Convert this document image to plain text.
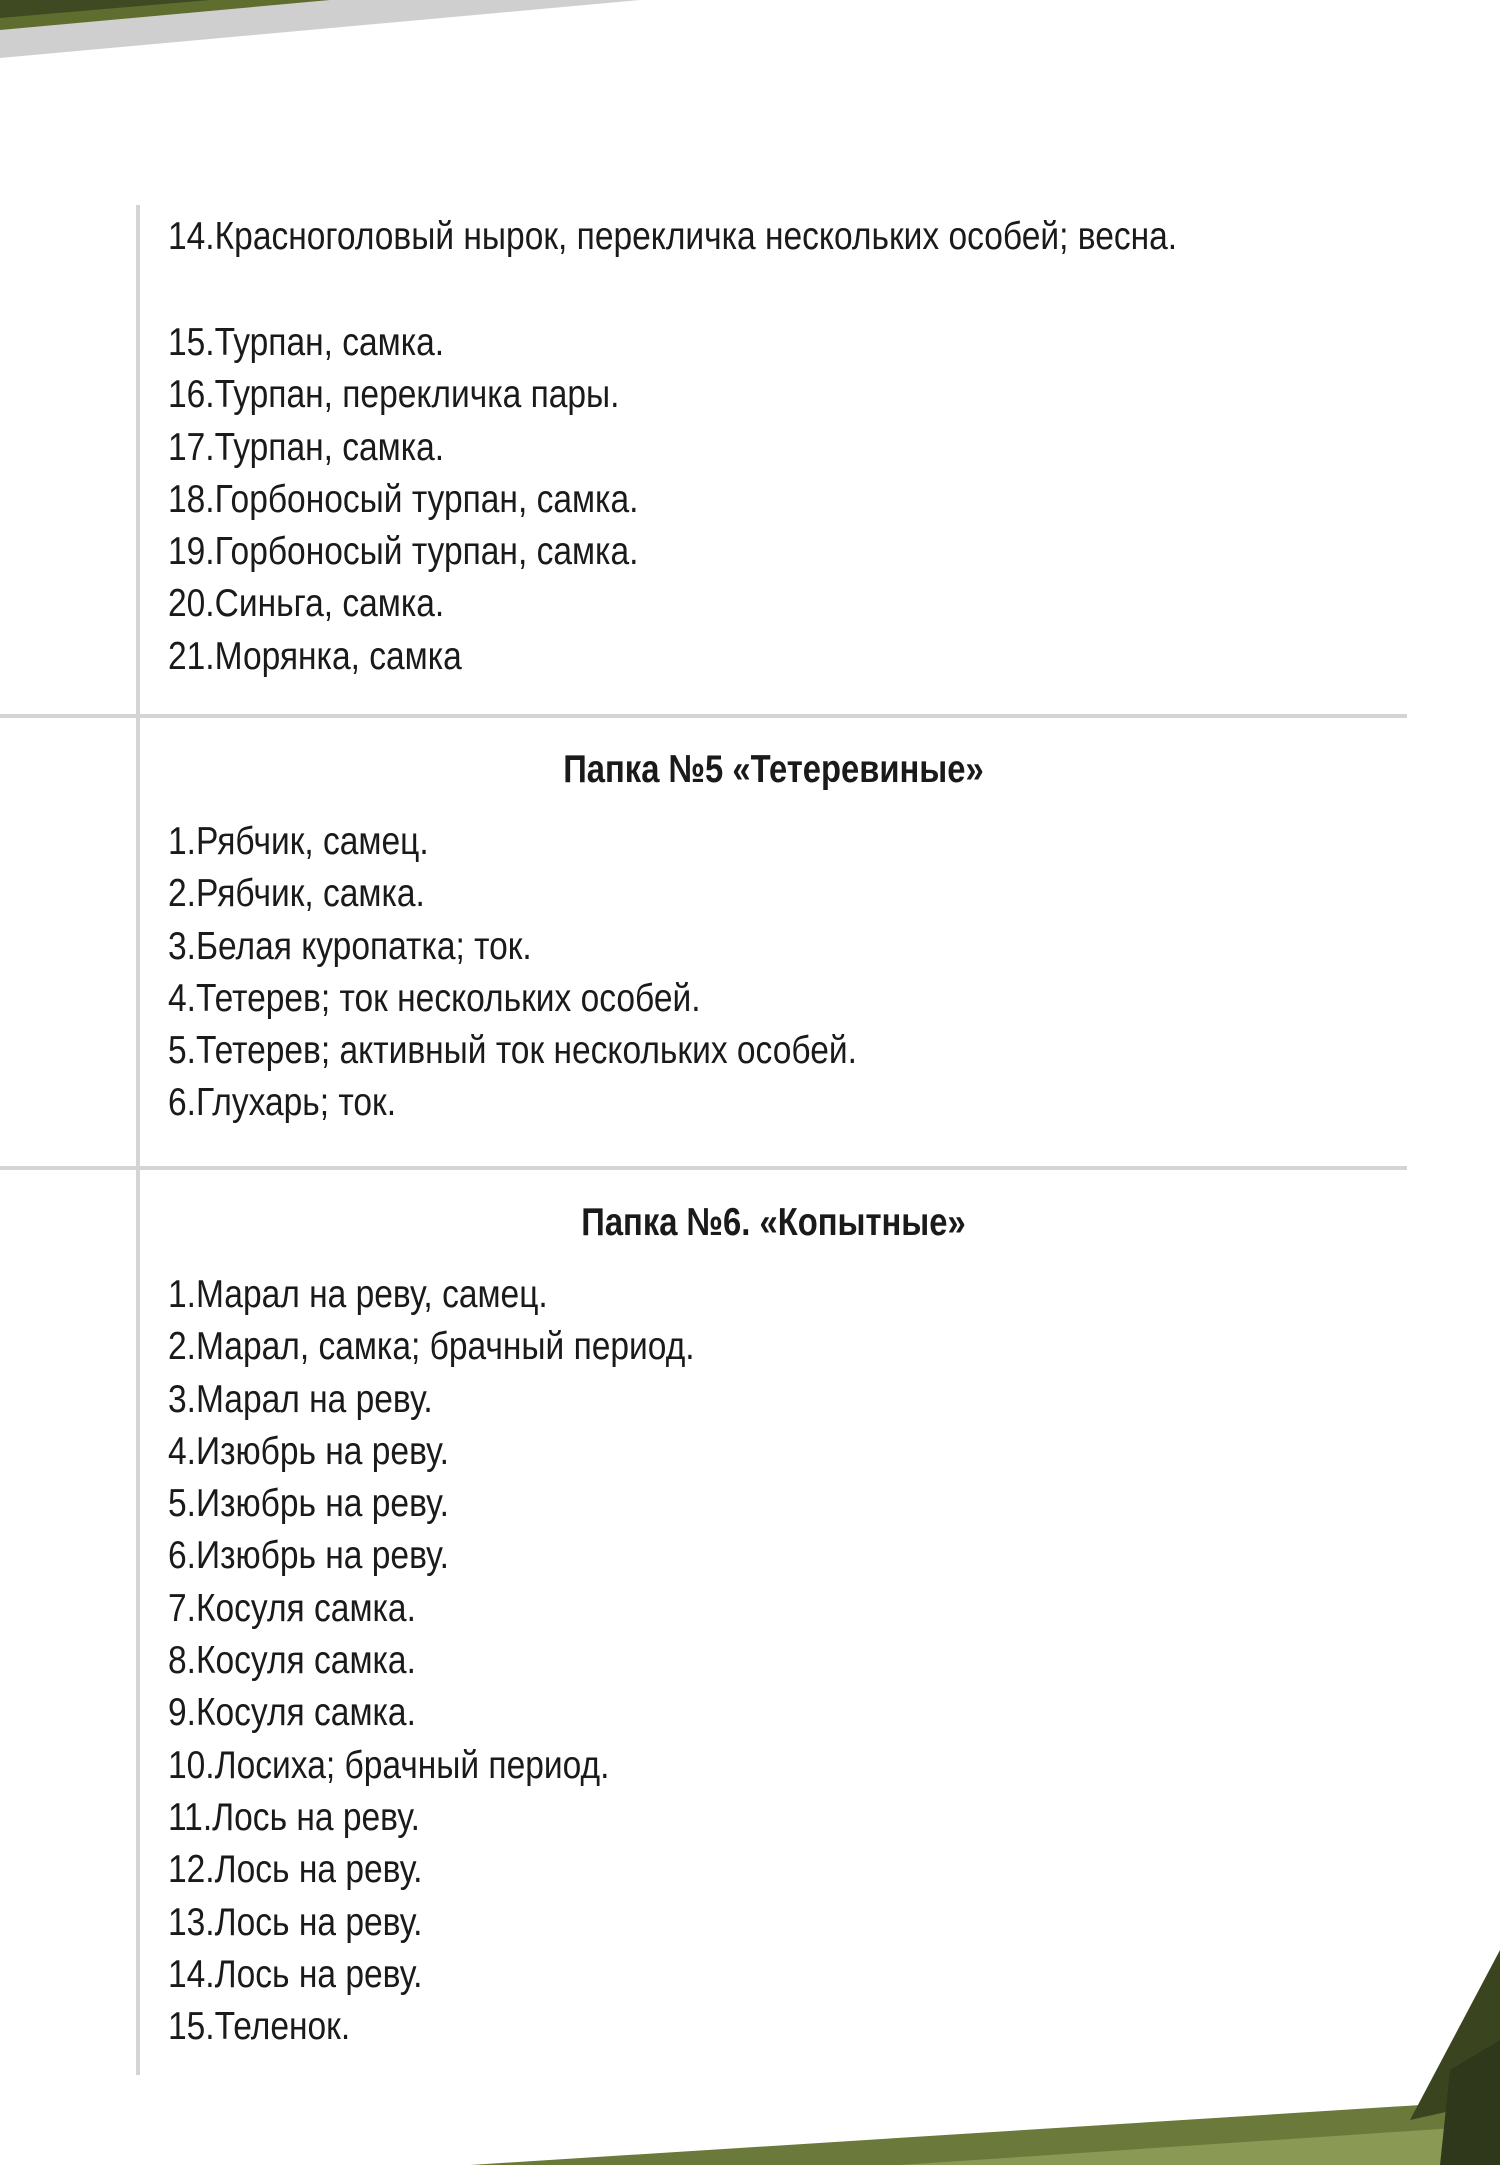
14.Красноголовый нырок, перекличка нескольких особей; весна.
15.Турпан, самка.
16.Турпан, перекличка пары.
17.Турпан, самка.
18.Горбоносый турпан, самка.
19.Горбоносый турпан, самка.
20.Синьга, самка.
21.Морянка, самка
Папка №5 «Тетеревиные»
1.Рябчик, самец.
2.Рябчик, самка.
3.Белая куропатка; ток.
4.Тетерев; ток нескольких особей.
5.Тетерев; активный ток нескольких особей.
6.Глухарь; ток.
Папка №6. «Копытные»
1.Марал на реву, самец.
2.Марал, самка; брачный период.
3.Марал на реву.
4.Изюбрь на реву.
5.Изюбрь на реву.
6.Изюбрь на реву.
7.Косуля самка.
8.Косуля самка.
9.Косуля самка.
10.Лосиха; брачный период.
11.Лось на реву.
12.Лось на реву.
13.Лось на реву.
14.Лось на реву.
15.Теленок.
